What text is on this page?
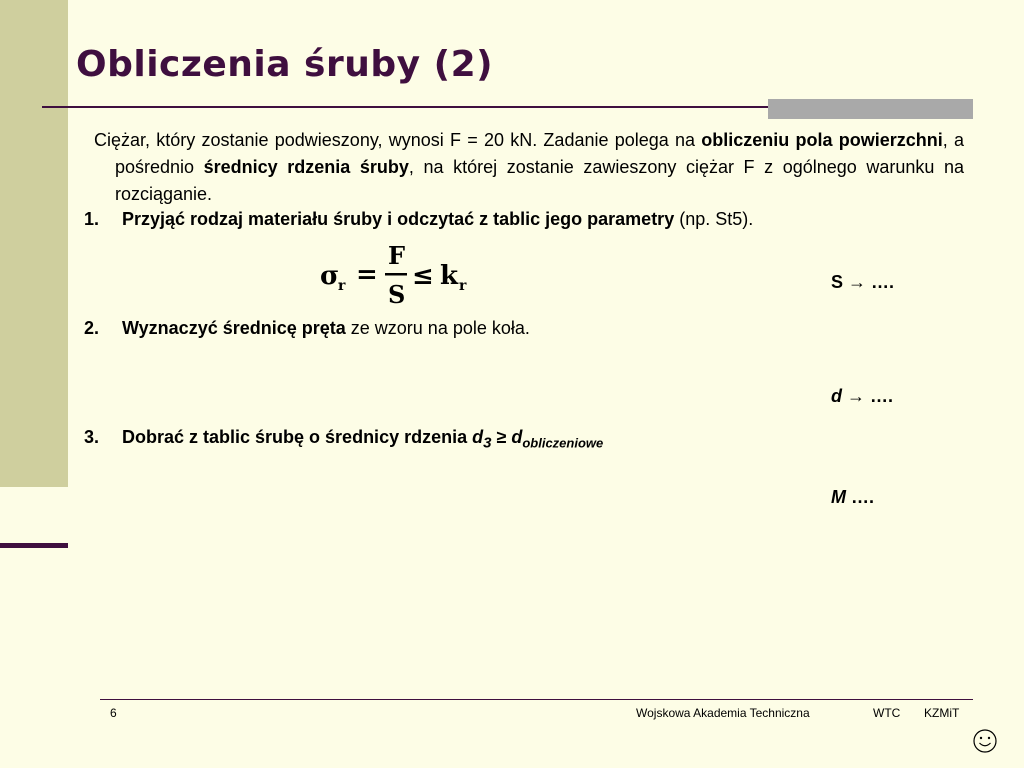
Obliczenia śruby (2)

Ciężar, który zostanie podwieszony, wynosi F = 20 kN. Zadanie polega na obliczeniu pola powierzchni, a pośrednio średnicy rdzenia śruby, na której zostanie zawieszony ciężar F z ogólnego warunku na rozciąganie.

1. Przyjąć rodzaj materiału śruby i odczytać z tablic jego parametry (np. St5).
σ
r =
F
S
≤ k r	S → ….
2. Wyznaczyć średnicę pręta ze wzoru na pole koła.
d → ….
3. Dobrać z tablic śrubę o średnicy rdzenia $d_3 \ge d_{obliczeniowe}$
M ….
6	Wojskowa Akademia Techniczna	WTC KZMiT
